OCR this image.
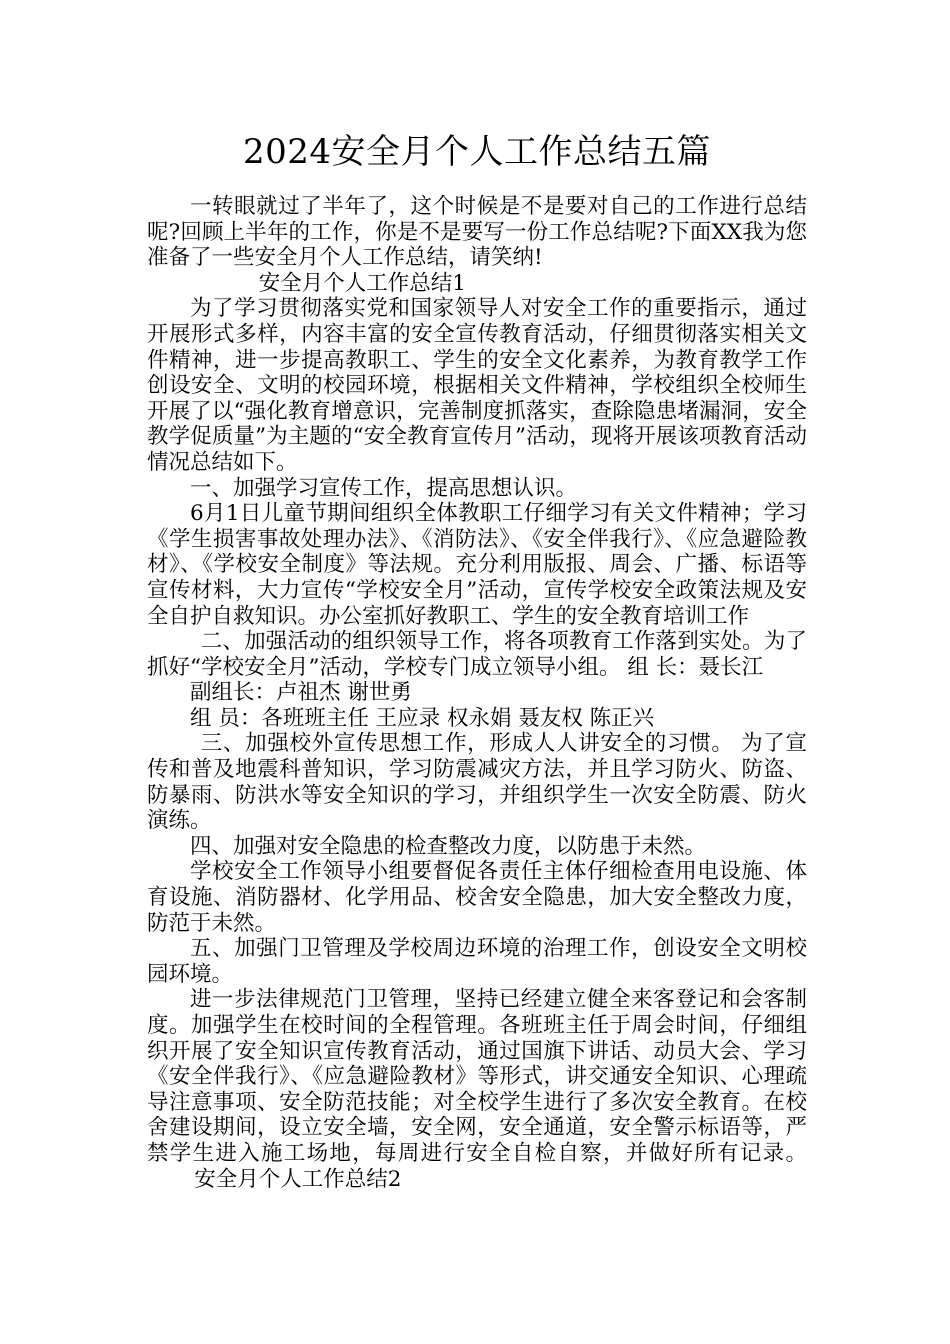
2024安全月个人工作总结五篇

一转眼就过了半年了，这个时候是不是要对自己的工作进行总结呢?回顾上半年的工作，你是不是要写一份工作总结呢?下面XX我为您准备了一些安全月个人工作总结，请笑纳!

安全月个人工作总结1

为了学习贯彻落实党和国家领导人对安全工作的重要指示，通过开展形式多样，内容丰富的安全宣传教育活动，仔细贯彻落实相关文件精神，进一步提高教职工、学生的安全文化素养，为教育教学工作创设安全、文明的校园环境，根据相关文件精神，学校组织全校师生开展了以“强化教育增意识，完善制度抓落实，查除隐患堵漏洞，安全教学促质量”为主题的“安全教育宣传月”活动，现将开展该项教育活动情况总结如下。

一、加强学习宣传工作，提高思想认识。

6月1日儿童节期间组织全体教职工仔细学习有关文件精神；学习《学生损害事故处理办法》、《消防法》、《安全伴我行》、《应急避险教材》、《学校安全制度》等法规。充分利用版报、周会、广播、标语等宣传材料，大力宣传“学校安全月”活动，宣传学校安全政策法规及安全自护自救知识。办公室抓好教职工、学生的安全教育培训工作

二、加强活动的组织领导工作，将各项教育工作落到实处。为了抓好“学校安全月”活动，学校专门成立领导小组。 组 长：聂长江

副组长：卢祖杰 谢世勇

组 员：各班班主任 王应录 权永娟 聂友权 陈正兴

三、加强校外宣传思想工作，形成人人讲安全的习惯。 为了宣传和普及地震科普知识，学习防震减灾方法，并且学习防火、防盗、防暴雨、防洪水等安全知识的学习，并组织学生一次安全防震、防火演练。

四、加强对安全隐患的检查整改力度，以防患于未然。

学校安全工作领导小组要督促各责任主体仔细检查用电设施、体育设施、消防器材、化学用品、校舍安全隐患，加大安全整改力度，防范于未然。

五、加强门卫管理及学校周边环境的治理工作，创设安全文明校园环境。

进一步法律规范门卫管理，坚持已经建立健全来客登记和会客制度。加强学生在校时间的全程管理。各班班主任于周会时间，仔细组织开展了安全知识宣传教育活动，通过国旗下讲话、动员大会、学习《安全伴我行》、《应急避险教材》等形式，讲交通安全知识、心理疏导注意事项、安全防范技能；对全校学生进行了多次安全教育。在校舍建设期间，设立安全墙，安全网，安全通道，安全警示标语等，严禁学生进入施工场地，每周进行安全自检自察，并做好所有记录。安全月个人工作总结2
